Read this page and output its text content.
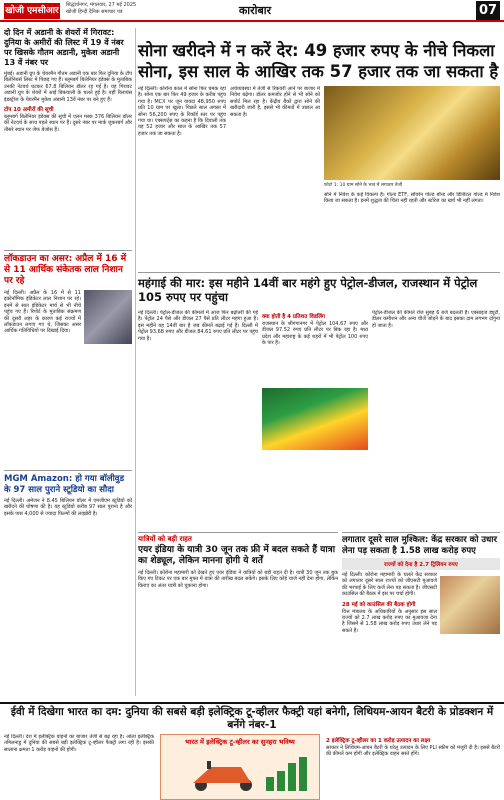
खोजी एमसीआर
सिद्धार्थनगर, मंगलवार, 27 मई 2025
खोजी हिन्दी दैनिक समाचार पत्र	कारोबार	07
दो दिन में अडानी के शेयरों में गिरावट: दुनिया के अमीरों की लिस्ट में 19 वें नंबर पर खिसके गौतम अडानी, मुकेश अडानी 13 वें नंबर पर
मुंबई। अडानी ग्रुप के चेयरमैन गौतम अडानी एक बार फिर दुनिया के टॉप बिलेनियर्स लिस्ट में पिछड़ गए हैं। ब्लूमबर्ग बिलेनियर इंडेक्स के मुताबिक उनकी नेटवर्थ घटकर 67.8 बिलियन डॉलर रह गई है। यह गिरावट अडानी ग्रुप के शेयरों में आई बिकवाली के चलते हुई है। वहीं रिलायंस इंडस्ट्रीज के चेयरमैन मुकेश अंबानी 13वें नंबर पर बने हुए हैं।
टॉप 10 अमीरों की सूची
ब्लूमबर्ग बिलेनियर इंडेक्स की सूची में एलन मस्क 376 बिलियन डॉलर की नेटवर्थ के साथ पहले स्थान पर हैं। दूसरे नंबर पर मार्क जुकरबर्ग और तीसरे स्थान पर जेफ बेजोस हैं।
लॉकडाउन का असर: अप्रैल में 16 में से 11 आर्थिक संकेतक लाल निशान पर रहे
नई दिल्ली। अप्रैल के 16 में से 11 इकोनॉमिक इंडिकेटर लाल निशान पर रहे। इनमें से सात इंडिकेटर मार्च से भी नीचे पहुंच गए हैं। रिपोर्ट के मुताबिक संक्रमण की दूसरी लहर के कारण कई राज्यों में लॉकडाउन लगाए गए थे, जिसका असर आर्थिक गतिविधियों पर दिखाई दिया।
MGM Amazon: हो गया बॉलीवुड के 97 साल पुराने स्टूडियो का सौदा
नई दिल्ली। अमेजन ने 8.45 बिलियन डॉलर में एमजीएम स्टूडियो को खरीदने की घोषणा की है। यह स्टूडियो करीब 97 साल पुराना है और इसके पास 4,000 से ज्यादा फिल्मों की लाइब्रेरी है।
सोना खरीदने में न करें देर: 49 हजार रुपए के नीचे निकला सोना, इस साल के आखिर तक 57 हजार तक जा सकता है
नई दिल्ली। कोरोना काल में सोना फिर चमक रहा है। सोना एक बार फिर 49 हजार के करीब पहुंच गया है। MCX पर जून वायदा 48,950 रुपए प्रति 10 ग्राम पर खुला। पिछले साल अगस्त में सोना 56,200 रुपए के रिकॉर्ड स्तर पर पहुंच गया था। एक्सपर्ट्स का कहना है कि दिवाली तक यह 52 हजार और साल के आखिर तक 57 हजार तक जा सकता है।
अर्थव्यवस्था में तेजी से रिकवरी आने पर बाजार में निवेश बढ़ेगा। डॉलर कमजोर होने से भी सोने को सपोर्ट मिल रहा है। केंद्रीय बैंकों द्वारा सोने की खरीदारी जारी है, इससे भी कीमतों में उछाल आ सकता है।
फोटो 1: 10 ग्राम सोने के भाव में लगातार तेजी
सोने में निवेश के कई विकल्प हैं। गोल्ड ETF, सॉवरेन गोल्ड बॉन्ड और डिजिटल गोल्ड में निवेश किया जा सकता है। इनमें शुद्धता की चिंता नहीं रहती और स्टोरेज का खर्च भी नहीं लगता।
महंगाई की मार: इस महीने 14वीं बार महंगे हुए पेट्रोल-डीजल, राजस्थान में पेट्रोल 105 रुपए पर पहुंचा
नई दिल्ली। पेट्रोल-डीजल की कीमतों में आज फिर बढ़ोतरी की गई है। पेट्रोल 24 पैसे और डीजल 27 पैसे प्रति लीटर महंगा हुआ है। इस महीने यह 14वीं बार है जब कीमतें बढ़ाई गई हैं। दिल्ली में पेट्रोल 93.68 रुपए और डीजल 84.61 रुपए प्रति लीटर पर पहुंच गया है।
क्या होती है 4 प्रतिशत विडलिंग
राजस्थान के श्रीगंगानगर में पेट्रोल 104.67 रुपए और डीजल 97.52 रुपए प्रति लीटर पर बिक रहा है। मध्य प्रदेश और महाराष्ट्र के कई शहरों में भी पेट्रोल 100 रुपए के पार है।
पेट्रोल-डीजल की कीमतें रोज सुबह 6 बजे बदलती हैं। एक्साइज ड्यूटी, डीलर कमीशन और अन्य चीजें जोड़ने के बाद इसका दाम लगभग दोगुना हो जाता है।
यात्रियों को बड़ी राहत
एयर इंडिया के यात्री 30 जून तक फ्री में बदल सकते हैं यात्रा का शेड्यूल, लेकिन मानना होगी ये शर्तें
नई दिल्ली। कोरोना महामारी को देखते हुए एयर इंडिया ने यात्रियों को बड़ी राहत दी है। यात्री 30 जून तक बुक किए गए टिकट पर एक बार मुफ्त में यात्रा की तारीख बदल सकेंगे। इसके लिए कोई चार्ज नहीं देना होगा, लेकिन किराए का अंतर यात्री को चुकाना होगा।
लगातार दूसरे साल मुश्किल: केंद्र सरकार को उधार लेना पड़ सकता है 1.58 लाख करोड़ रुपए
राज्यों को देना है 2.7 ट्रिलियन रुपए
नई दिल्ली। कोरोना महामारी के चलते केंद्र सरकार को लगातार दूसरे साल राज्यों को जीएसटी मुआवजे की भरपाई के लिए कर्ज लेना पड़ सकता है। जीएसटी काउंसिल की बैठक में इस पर चर्चा होगी।
28 मई को काउंसिल की बैठक होगी
वित्त मंत्रालय के अधिकारियों के अनुसार इस साल राज्यों को 2.7 लाख करोड़ रुपए का मुआवजा देना है जिसमें से 1.58 लाख करोड़ रुपए उधार लेने पड़ सकते हैं।
ईवी में दिखेगा भारत का दम: दुनिया की सबसे बड़ी इलेक्ट्रिक टू-व्हीलर फैक्ट्री यहां बनेगी, लिथियम-आयन बैटरी के प्रोडक्शन में बनेंगे नंबर-1
नई दिल्ली। देश में इलेक्ट्रिक वाहनों का बाजार तेजी से बढ़ रहा है। ओला इलेक्ट्रिक तमिलनाडु में दुनिया की सबसे बड़ी इलेक्ट्रिक टू-व्हीलर फैक्ट्री लगा रही है। इसकी सालाना क्षमता 1 करोड़ वाहनों की होगी।
भारत में इलेक्ट्रिक टू-व्हीलर का सुनहरा भविष्य	2 इलेक्ट्रिक टू-व्हीलर का 1 करोड़ उत्पादन का लक्ष्य
सरकार ने लिथियम-आयन बैटरी के घरेलू उत्पादन के लिए PLI स्कीम को मंजूरी दी है। इससे बैटरी की कीमतें कम होंगी और इलेक्ट्रिक वाहन सस्ते होंगे।
